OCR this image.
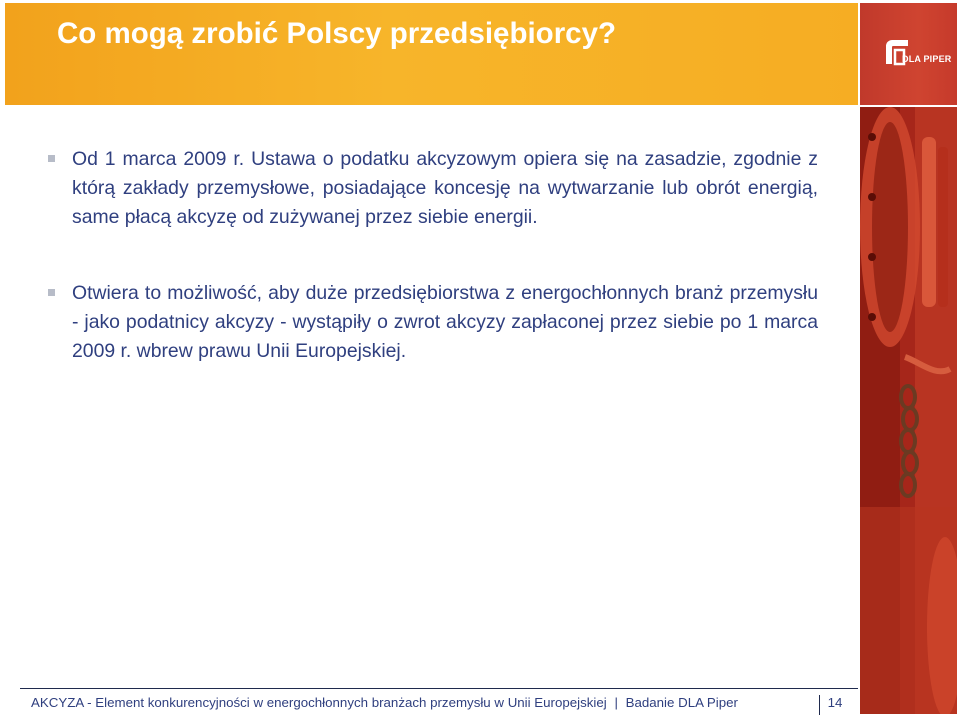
Co mogą zrobić Polscy przedsiębiorcy?
DLA PIPER

Od 1 marca 2009 r. Ustawa o podatku akcyzowym opiera się na zasadzie, zgodnie z którą zakłady przemysłowe, posiadające koncesję na wytwarzanie lub obrót energią, same płacą akcyzę od zużywanej przez siebie energii.

Otwiera to możliwość, aby duże przedsiębiorstwa z energochłonnych branż przemysłu - jako podatnicy akcyzy - wystąpiły o zwrot akcyzy zapłaconej przez siebie po 1 marca 2009 r. wbrew prawu Unii Europejskiej.

AKCYZA - Element konkurencyjności w energochłonnych branżach przemysłu w Unii Europejskiej | Badanie DLA Piper	14
